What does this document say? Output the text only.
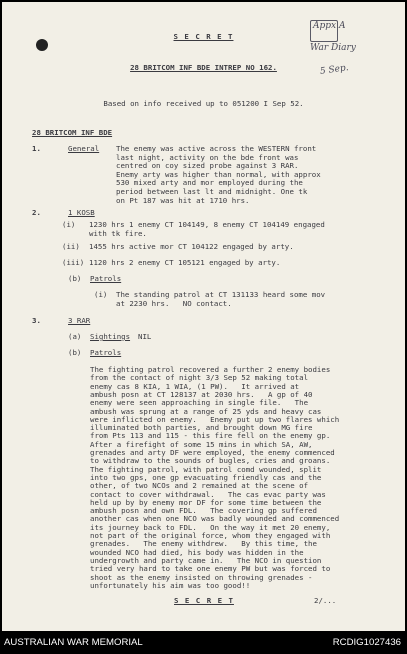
Appx A
War Diary
5 Sep.
S E C R E T
28 BRITCOM INF BDE INTREP NO 162.
Based on info received up to 051200 I Sep 52.
28 BRITCOM INF BDE
1.	General The enemy was active across the WESTERN front
last night, activity on the bde front was
centred on coy sized probe against 3 RAR.
Enemy arty was higher than normal, with approx
530 mixed arty and mor employed during the
period between last lt and midnight. One tk
on Pt 187 was hit at 1710 hrs.
2.	1 KOSB
(i) 1230 hrs 1 enemy CT 104149, 8 enemy CT 104149 engaged
with tk fire.
(ii) 1455 hrs active mor CT 104122 engaged by arty.
(iii) 1120 hrs 2 enemy CT 105121 engaged by arty.
(b) Patrols
(i) The standing patrol at CT 131133 heard some mov
at 2230 hrs.   NO contact.
3.	3 RAR
(a) Sightings NIL
(b) Patrols
The fighting patrol recovered a further 2 enemy bodies
from the contact of night 3/3 Sep 52 making total
enemy cas 8 KIA, 1 WIA, (1 PW).   It arrived at
ambush posn at CT 128137 at 2030 hrs.   A gp of 40
enemy were seen approaching in single file.   The
ambush was sprung at a range of 25 yds and heavy cas
were inflicted on enemy.   Enemy put up two flares which
illuminated both parties, and brought down MG fire
from Pts 113 and 115 - this fire fell on the enemy gp.
After a firefight of some 15 mins in which SA, AW,
grenades and arty DF were employed, the enemy commenced
to withdraw to the sounds of bugles, cries and groans.
The fighting patrol, with patrol comd wounded, split
into two gps, one gp evacuating friendly cas and the
other, of two NCOs and 2 remained at the scene of
contact to cover withdrawal.   The cas evac party was
held up by by enemy mor DF for some time between the
ambush posn and own FDL.   The covering gp suffered
another cas when one NCO was badly wounded and commenced
its journey back to FDL.   On the way it met 20 enemy,
not part of the original force, whom they engaged with
grenades.   The enemy withdrew.   By this time, the
wounded NCO had died, his body was hidden in the
undergrowth and party came in.   The NCO in question
tried very hard to take one enemy PW but was forced to
shoot as the enemy insisted on throwing grenades -
unfortunately his aim was too good!!
S E C R E T	2/...
AUSTRALIAN WAR MEMORIAL	RCDIG1027436
